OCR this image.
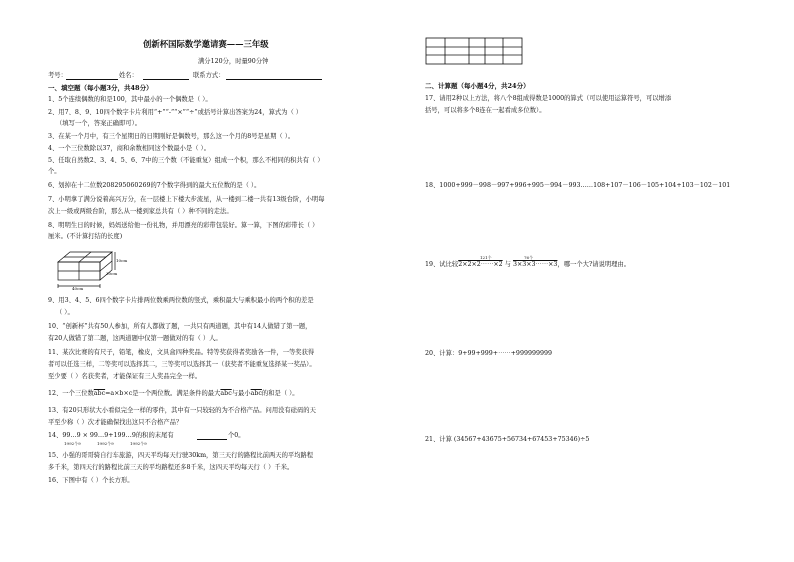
创新杯国际数学邀请赛——三年级
满分120分，时量90分钟
考号：	姓名：	联系方式：
一、填空题（每小题3分，共48分）
1、5个连续偶数的和是100，其中最小的一个偶数是（ ）。
2、用7、8、9、10四个数字卡片利用“+”“-”“×”“÷”或括号计算出答案为24，算式为（ ）
（填写一个，答案正确即可）。
3、在某一个月中，有三个星期日的日期刚好是偶数号，那么这一个月的8号是星期（ ）。
4、一个三位数除以37，商和余数相同这个数最小是（ ）。
5、任取自然数2、3、4、5、6、7中的三个数（不能重复）组成一个积，那么不相同的积共有（ ）
个。
6、划掉在十二位数208295060269的7个数字得到的最大五位数的是（ ）。
7、小明拿了满分说着高兴万分，在一层楼上下楼大步流星，从一楼到二楼一共有13级台阶，小明每
次上一级或两级台阶，那么从一楼到家总共有（ ）种不同的走法。
8、明明生日的时候，妈妈送给他一份礼物，并用漂亮的彩带包装好。算一算，下图的彩带长（ ）
厘米。(不计算打结的长度)
40cm
10cm
30cm
9、用3、4、5、6四个数字卡片排两位数乘两位数的竖式，乘积最大与乘积最小的两个积的差是
（ ）。
10、“创新杯”共有50人参加，所有人都做了题，一共只有两道题，其中有14人做错了第一题，
有20人做错了第二题，这两道题中仅第一题做对的有（ ）人。
11、某次比赛的有尺子，铅笔，橡皮，文具盒四种奖品。特等奖获得者奖励各一件，一等奖获得
者可以任选三样，二等奖可以选择其二，三等奖可以选择其一（获奖者不能重复选择某一奖品）。
至少要（ ）名获奖者，才能保证有三人奖品完全一样。
12、一个三位数$\overline{abc}=a\times b\times c$是一个两位数。满足条件的最大$\overline{abc}$与最小$\overline{abc}$的和是（ ）。
13、有20只形状大小看似完全一样的零件，其中有一只较轻的为不合格产品。问用没有砝码的天
平至少称（ ）次才能确保找出这只不合格产品？
14、99…9 × 99…9+199…9的积的末尾有	个0。
1992个9	1992个9	1992个9
15、小强的哥哥骑自行车旅游，四天平均每天行驶30km，第三天行的路程比前两天的平均路程
多千米，第四天行的路程比前三天的平均路程还多8千米，这四天平均每天行（ ）千米。
16、下图中有（ ）个长方形。
二、计算题（每小题4分，共24分）
17、请用2种以上方法，将八个8组成得数是1000的算式（可以使用运算符号，可以增添
括号，可以将多个8连在一起看成多位数）。
18、1000+999－998－997+996+995－994－993……108+107－106－105+104+103－102－101
121个	76个
19、试比较2×2×2⋯⋯×2 与 3×3×3⋯⋯×3，哪一个大?请说明理由。
20、计算：9+99+999+⋯⋯+999999999
21、计算 (34567+43675+56734+67453+75346)÷5
